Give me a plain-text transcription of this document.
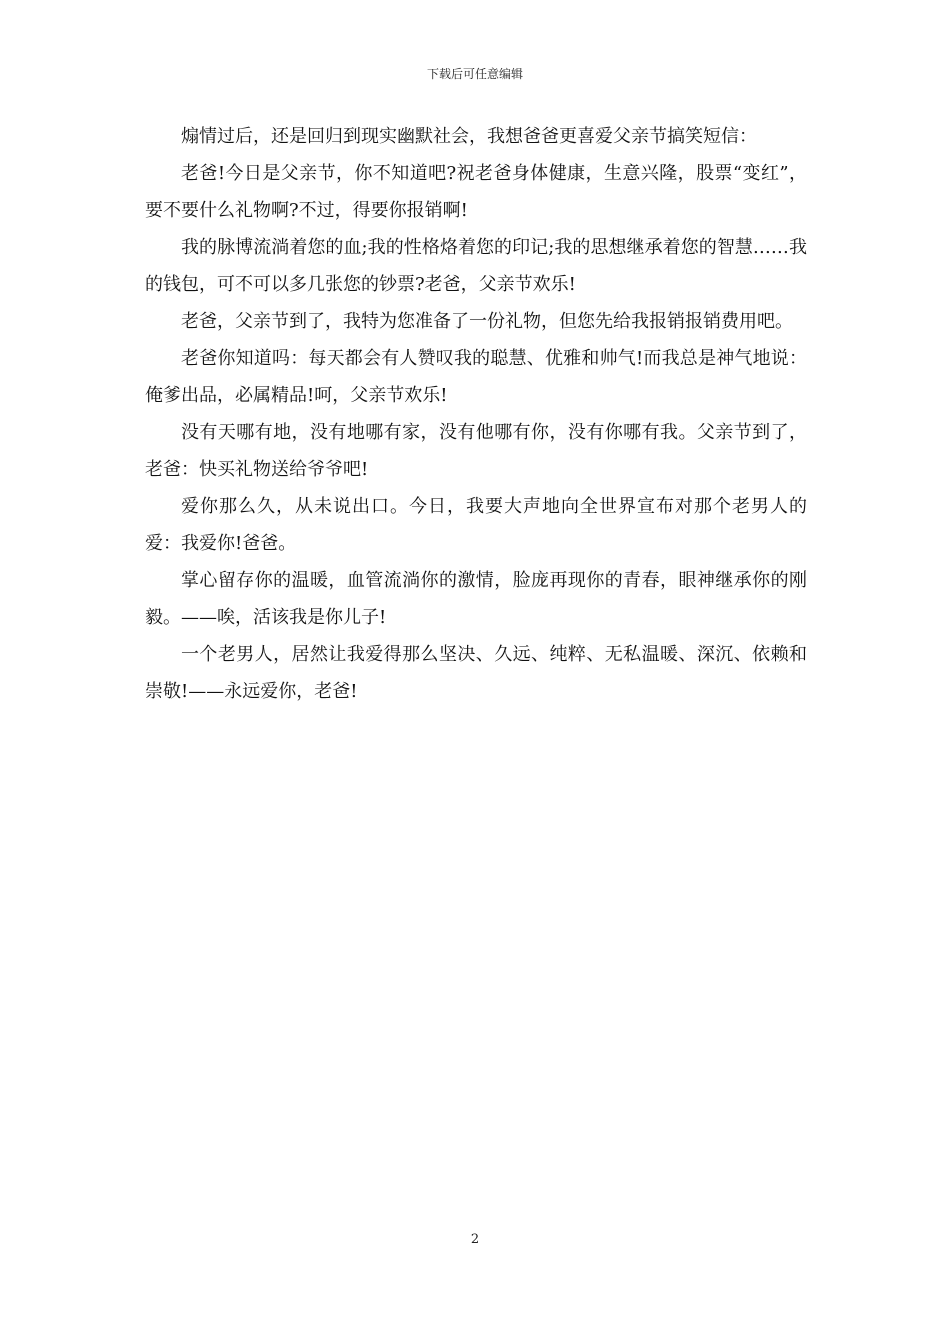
下载后可任意编辑

煽情过后，还是回归到现实幽默社会，我想爸爸更喜爱父亲节搞笑短信：

老爸!今日是父亲节，你不知道吧?祝老爸身体健康，生意兴隆，股票“变红”，要不要什么礼物啊?不过，得要你报销啊!

我的脉博流淌着您的血;我的性格烙着您的印记;我的思想继承着您的智慧……我的钱包，可不可以多几张您的钞票?老爸，父亲节欢乐!

老爸，父亲节到了，我特为您准备了一份礼物，但您先给我报销报销费用吧。

老爸你知道吗：每天都会有人赞叹我的聪慧、优雅和帅气!而我总是神气地说：俺爹出品，必属精品!呵，父亲节欢乐!

没有天哪有地，没有地哪有家，没有他哪有你，没有你哪有我。父亲节到了，老爸：快买礼物送给爷爷吧!

爱你那么久，从未说出口。今日，我要大声地向全世界宣布对那个老男人的爱：我爱你!爸爸。

掌心留存你的温暖，血管流淌你的激情，脸庞再现你的青春，眼神继承你的刚毅。——唉，活该我是你儿子!

一个老男人，居然让我爱得那么坚决、久远、纯粹、无私温暖、深沉、依赖和崇敬!——永远爱你，老爸!

2
